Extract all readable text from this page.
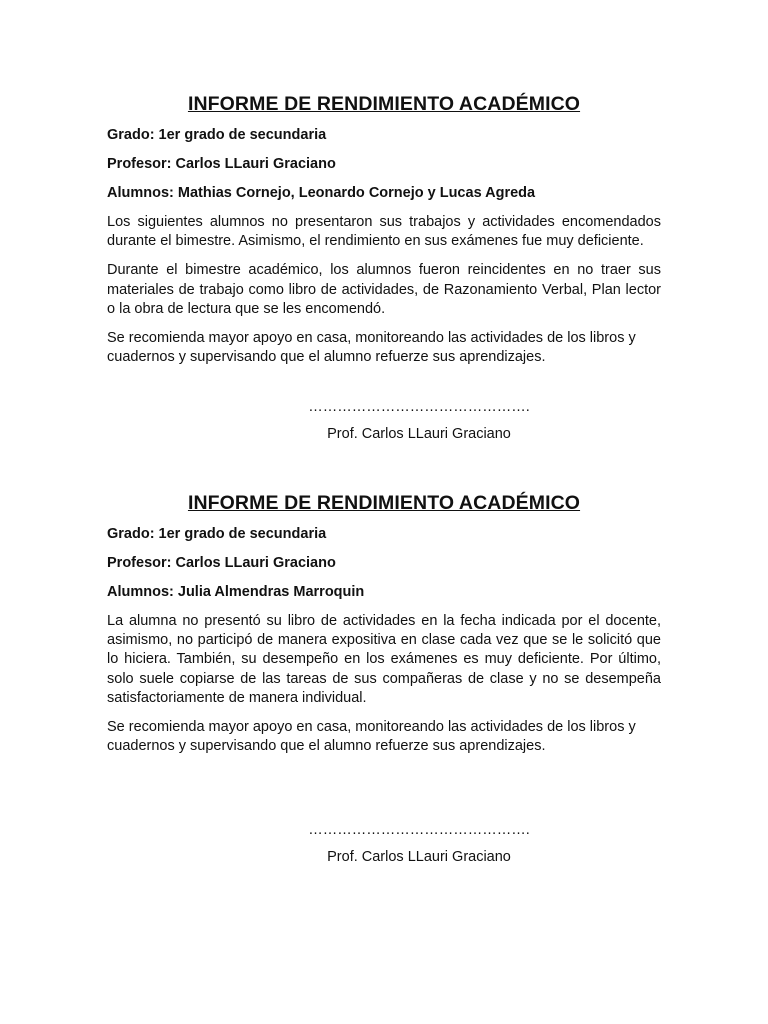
INFORME DE RENDIMIENTO ACADÉMICO

Grado: 1er grado de secundaria

Profesor: Carlos LLauri Graciano

Alumnos: Mathias Cornejo, Leonardo Cornejo y Lucas Agreda

Los siguientes alumnos no presentaron sus trabajos y actividades encomendados durante el bimestre. Asimismo, el rendimiento en sus exámenes fue muy deficiente.

Durante el bimestre académico, los alumnos fueron reincidentes en no traer sus materiales de trabajo como libro de actividades, de Razonamiento Verbal, Plan lector o la obra de lectura que se les encomendó.

Se recomienda mayor apoyo en casa, monitoreando las actividades de los libros y cuadernos y supervisando que el alumno refuerze sus aprendizajes.

……………………………………….
Prof. Carlos LLauri Graciano
INFORME DE RENDIMIENTO ACADÉMICO

Grado: 1er grado de secundaria

Profesor: Carlos LLauri Graciano

Alumnos: Julia Almendras Marroquin

La alumna no presentó su libro de actividades en la fecha indicada por el docente, asimismo, no participó de manera expositiva en clase cada vez que se le solicitó que lo hiciera. También, su desempeño en los exámenes es muy deficiente. Por último, solo suele copiarse de las tareas de sus compañeras de clase y no se desempeña satisfactoriamente de manera individual.

Se recomienda mayor apoyo en casa, monitoreando las actividades de los libros y cuadernos y supervisando que el alumno refuerze sus aprendizajes.

……………………………………….
Prof. Carlos LLauri Graciano
